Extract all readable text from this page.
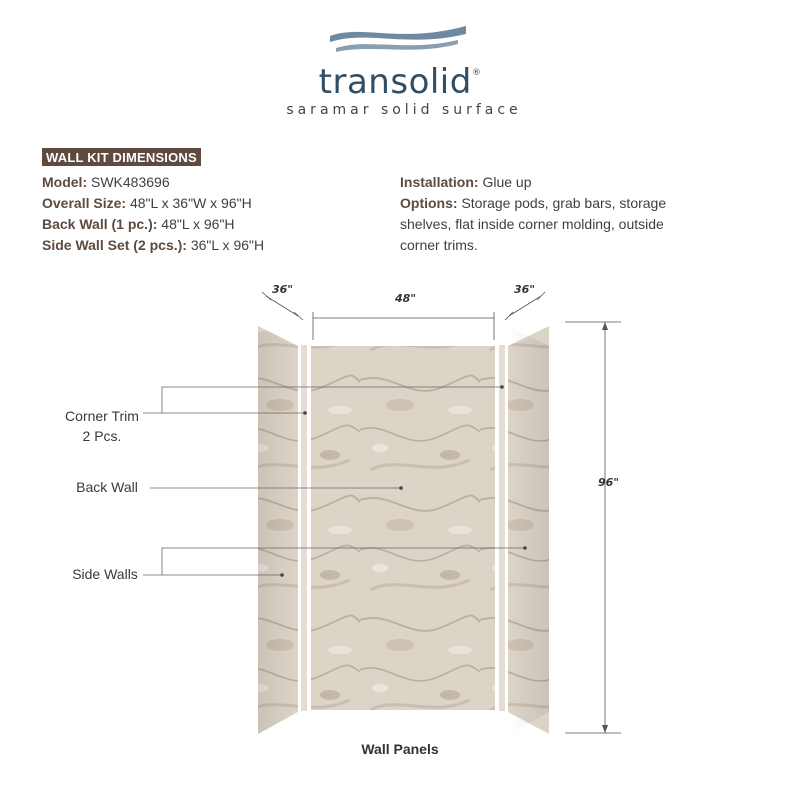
transolid®
saramar solid surface
WALL KIT DIMENSIONS
Model: SWK483696
Overall Size: 48"L x 36"W x 96"H
Back Wall (1 pc.): 48"L x 96"H
Side Wall Set (2 pcs.): 36"L x 96"H
Installation: Glue up
Options: Storage pods, grab bars, storage shelves, flat inside corner molding, outside corner trims.
36"
48"
36"
96"
Corner Trim
2 Pcs.
Back Wall
Side Walls
Wall Panels
